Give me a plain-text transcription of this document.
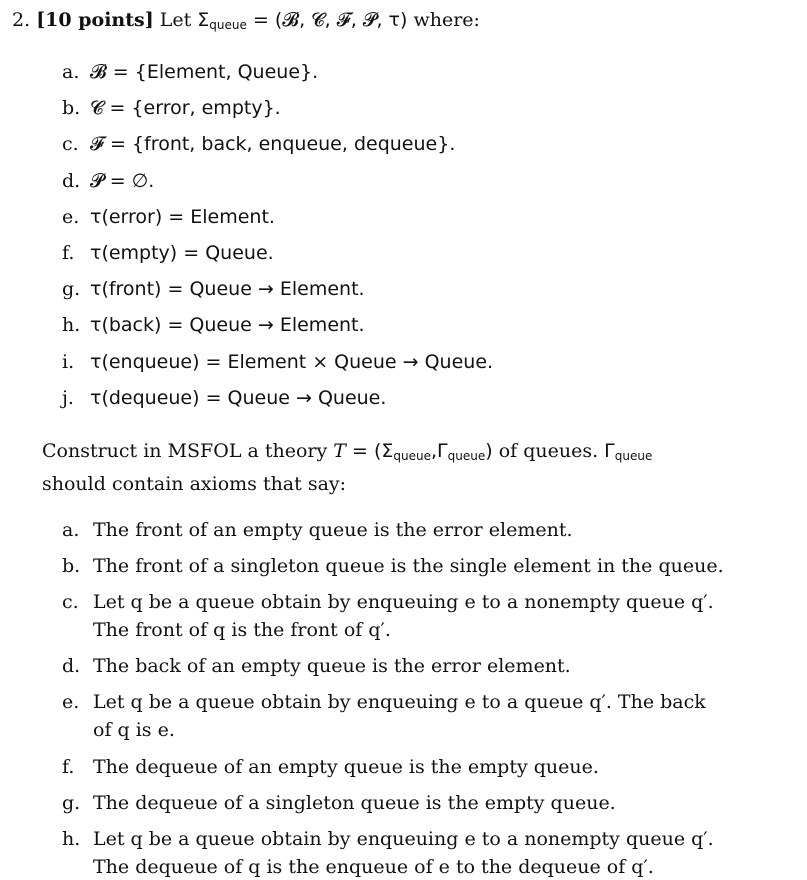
2. [10 points] Let $\Sigma_{queue}$ = (𝓑, 𝓒, 𝓕, 𝓟, τ) where:
a. 𝓑 = {Element, Queue}.
b. 𝓒 = {error, empty}.
c. 𝓕 = {front, back, enqueue, dequeue}.
d. 𝓟 = ∅.
e. τ(error) = Element.
f. τ(empty) = Queue.
g. τ(front) = Queue → Element.
h. τ(back) = Queue → Element.
i. τ(enqueue) = Element × Queue → Queue.
j. τ(dequeue) = Queue → Queue.
Construct in MSFOL a theory $T = (\Sigma_{queue},\Gamma_{queue})$ of queues. $\Gamma_{queue}$
should contain axioms that say:
a. The front of an empty queue is the error element.
b. The front of a singleton queue is the single element in the queue.
c. Let q be a queue obtain by enqueuing e to a nonempty queue q′.
The front of q is the front of q′.
d. The back of an empty queue is the error element.
e. Let q be a queue obtain by enqueuing e to a queue q′. The back
of q is e.
f. The dequeue of an empty queue is the empty queue.
g. The dequeue of a singleton queue is the empty queue.
h. Let q be a queue obtain by enqueuing e to a nonempty queue q′.
The dequeue of q is the enqueue of e to the dequeue of q′.
